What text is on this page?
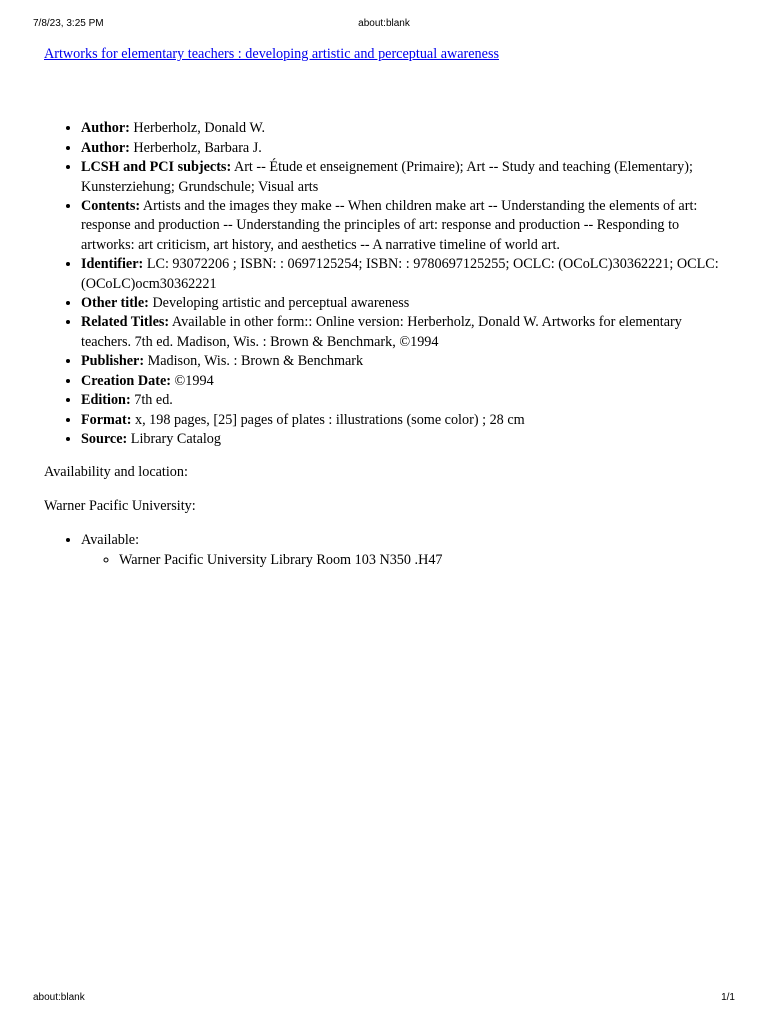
7/8/23, 3:25 PM	about:blank
Artworks for elementary teachers : developing artistic and perceptual awareness
• Author: Herberholz, Donald W.
• Author: Herberholz, Barbara J.
• LCSH and PCI subjects: Art -- Étude et enseignement (Primaire); Art -- Study and teaching (Elementary); Kunsterziehung; Grundschule; Visual arts
• Contents: Artists and the images they make -- When children make art -- Understanding the elements of art: response and production -- Understanding the principles of art: response and production -- Responding to artworks: art criticism, art history, and aesthetics -- A narrative timeline of world art.
• Identifier: LC: 93072206 ; ISBN: : 0697125254; ISBN: : 9780697125255; OCLC: (OCoLC)30362221; OCLC: (OCoLC)ocm30362221
• Other title: Developing artistic and perceptual awareness
• Related Titles: Available in other form:: Online version: Herberholz, Donald W. Artworks for elementary teachers. 7th ed. Madison, Wis. : Brown & Benchmark, ©1994
• Publisher: Madison, Wis. : Brown & Benchmark
• Creation Date: ©1994
• Edition: 7th ed.
• Format: x, 198 pages, [25] pages of plates : illustrations (some color) ; 28 cm
• Source: Library Catalog

Availability and location:

Warner Pacific University:

• Available:
◦ Warner Pacific University Library Room 103 N350 .H47
about:blank	1/1
